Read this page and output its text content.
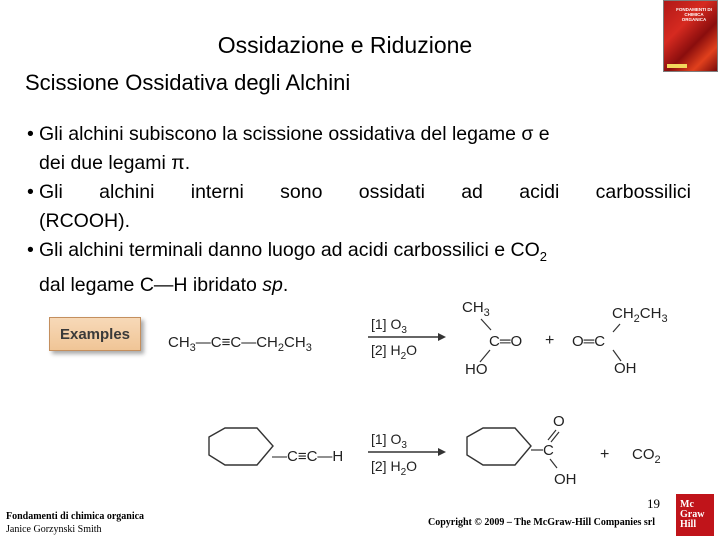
Ossidazione e Riduzione
Scissione Ossidativa degli Alchini
FONDAMENTI DI CHIMICA ORGANICA
• Gli alchini subiscono la scissione ossidativa del legame σ e
dei due legami π.
• Gli alchini interni sono ossidati ad acidi carbossilici
(RCOOH).
• Gli alchini terminali danno luogo ad acidi carbossilici e $CO_2$
dal legame C—H ibridato sp.
Examples	$CH_3—C\equiv C—CH_2CH_3$
[1] $O_3$
[2] $H_2O$
$CH_3$
C═O
HO
+
$CH_2CH_3$
O═C
OH
—C≡C—H
[1] $O_3$
[2] $H_2O$
C
O
OH
+ $CO_2$
19
Fondamenti di chimica organica
Janice Gorzynski Smith
Copyright © 2009 – The McGraw-Hill Companies srl
Mc
Graw
Hill
